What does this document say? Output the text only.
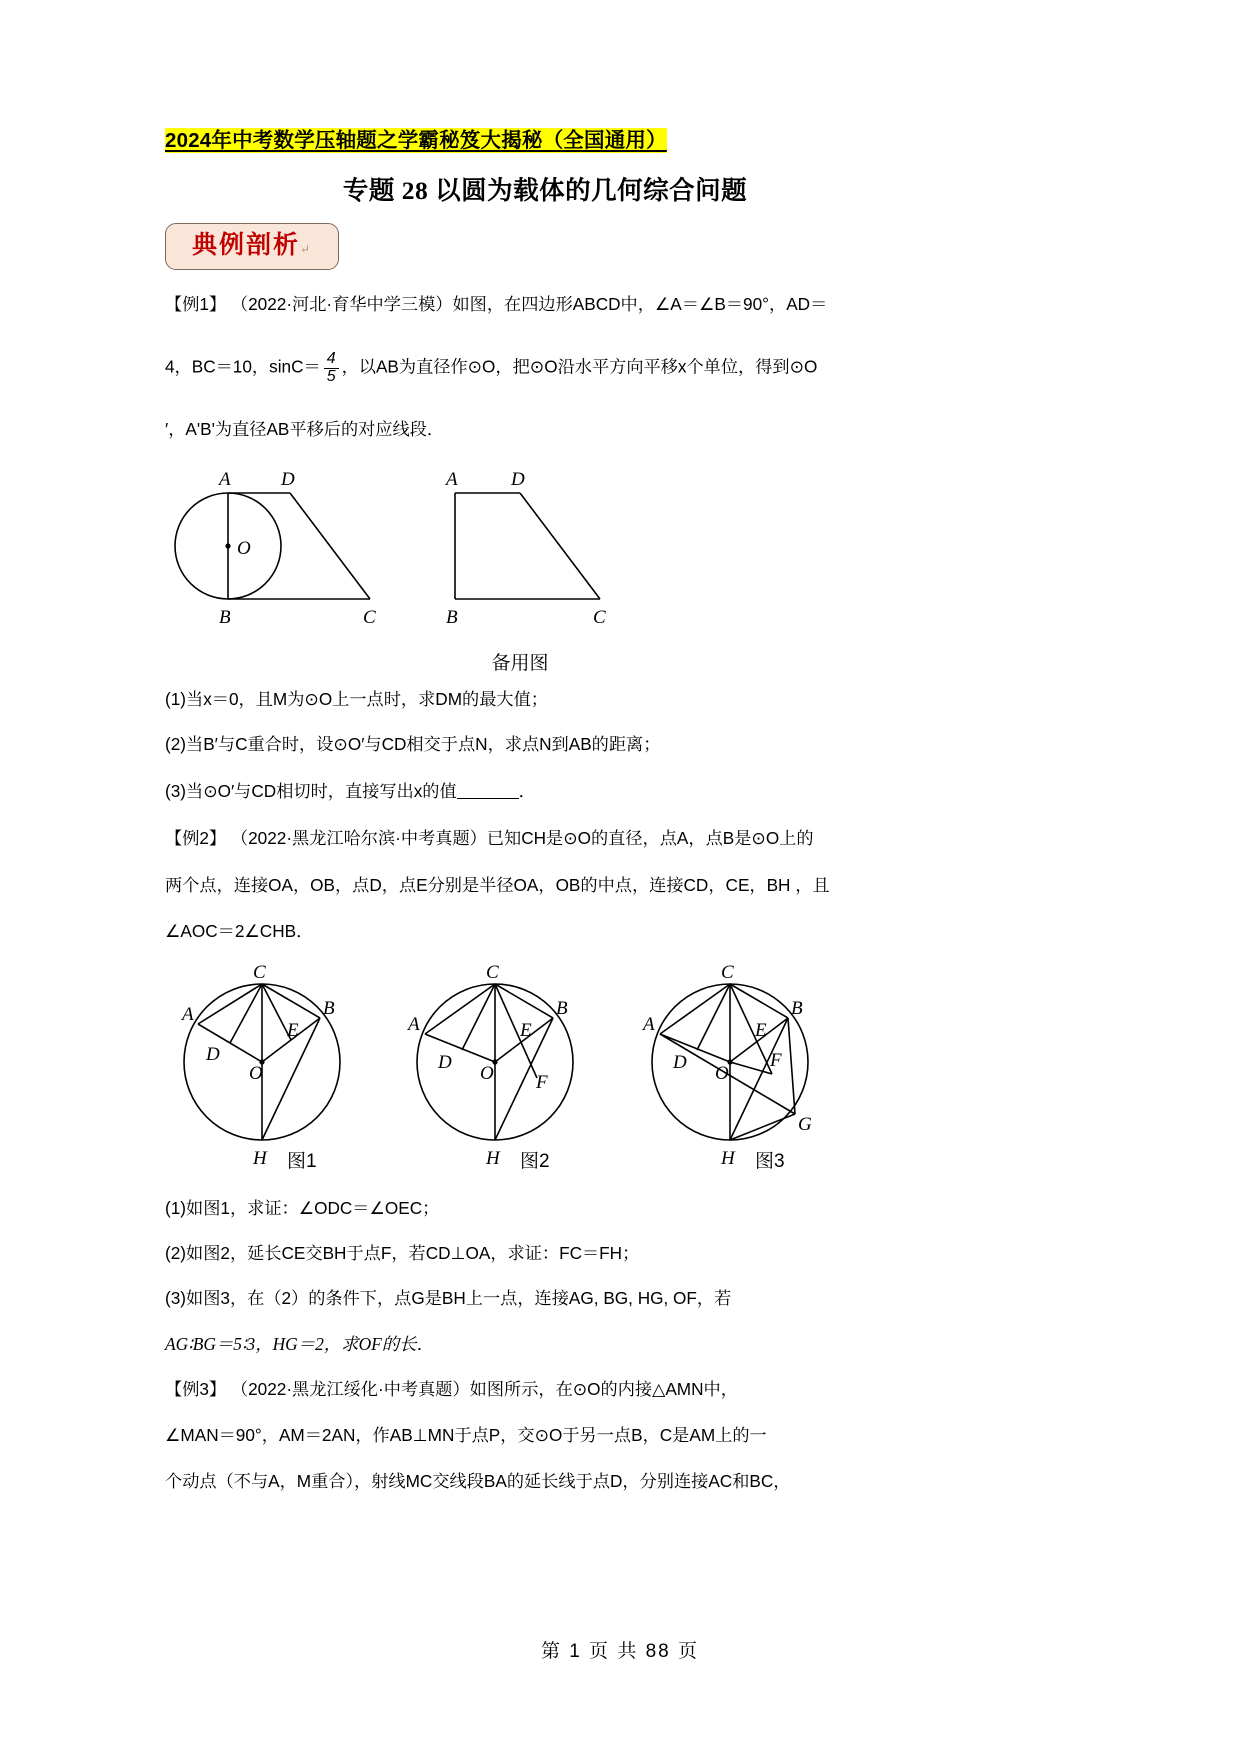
2024年中考数学压轴题之学霸秘笈大揭秘（全国通用）
专题 28 以圆为载体的几何综合问题
典例剖析↵
【例1】 （2022·河北·育华中学三模）如图，在四边形ABCD中，∠A＝∠B＝90°，AD＝
4，BC＝10，$\sin C= \frac{4}{5}$ ，以AB为直径作⊙O，把⊙O沿水平方向平移x个单位，得到⊙O
′，A'B'为直径AB平移后的对应线段．
A	D
B	C
O
A	D
B	C
备用图
(1)当x＝0，且M为⊙O上一点时，求DM的最大值；
(2)当B′与C重合时，设⊙O′与CD相交于点N，求点N到AB的距离；
(3)当⊙O′与CD相切时，直接写出x的值	．
【例2】 （2022·黑龙江哈尔滨·中考真题）已知CH是⊙O的直径，点A，点B是⊙O上的
两个点，连接OA，OB，点D，点E分别是半径OA，OB的中点，连接CD，CE，BH ，且
∠AOC＝2∠CHB．
C
A	B
D
E
O
H 图1
C
A
B
D
E
O F
H 图2
C
A
B
D
E
O
F
G
H 图3
(1)如图1，求证：∠ODC＝∠OEC；
(2)如图2，延长CE交BH于点F，若CD⊥OA，求证：FC＝FH；
(3)如图3，在（2）的条件下，点G是BH上一点，连接AG, BG, HG, OF，若
AG∶BG＝5∶3，HG＝2，求OF的长．
【例3】 （2022·黑龙江绥化·中考真题）如图所示，在⊙O的内接△AMN中，
∠MAN＝90°，AM＝2AN，作AB⊥MN于点P，交⊙O于另一点B，C是AM上的一
个动点（不与A，M重合），射线MC交线段BA的延长线于点D，分别连接AC和BC，
第 1 页 共 88 页
